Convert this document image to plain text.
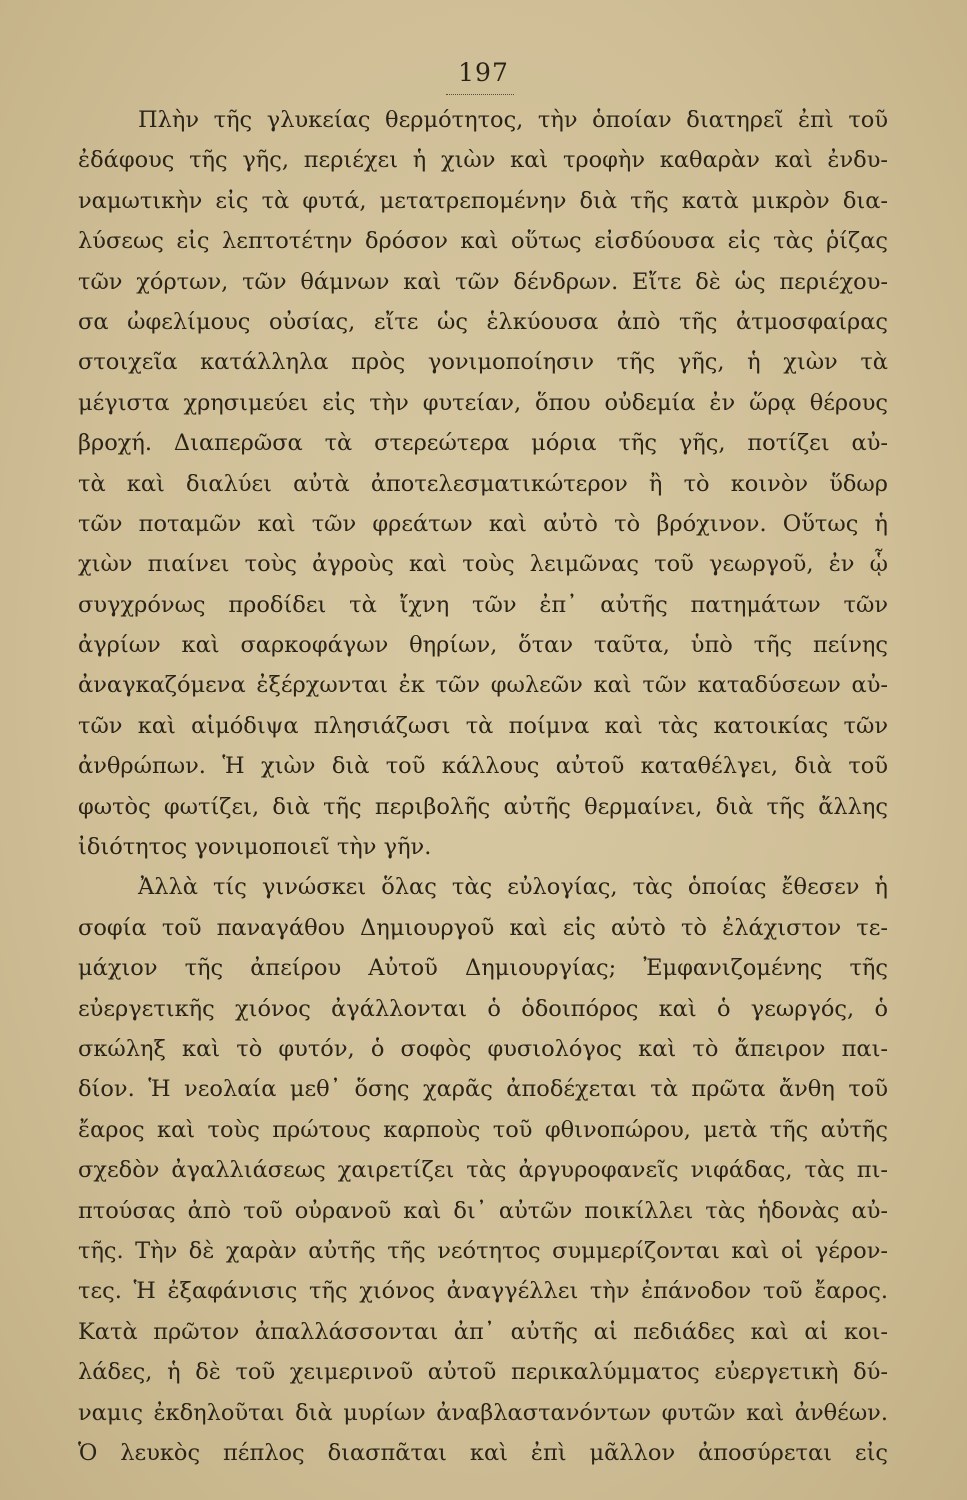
197
Πλὴν τῆς γλυκείας θερμότητος, τὴν ὁποίαν διατηρεῖ ἐπὶ τοῦ
ἐδάφους τῆς γῆς, περιέχει ἡ χιὼν καὶ τροφὴν καθαρὰν καὶ ἐνδυ-
ναμωτικὴν εἰς τὰ φυτά, μετατρεπομένην διὰ τῆς κατὰ μικρὸν δια-
λύσεως εἰς λεπτοτέτην δρόσον καὶ οὕτως εἰσδύουσα εἰς τὰς ῥίζας
τῶν χόρτων, τῶν θάμνων καὶ τῶν δένδρων. Εἴτε δὲ ὡς περιέχου-
σα ὠφελίμους οὐσίας, εἴτε ὡς ἑλκύουσα ἀπὸ τῆς ἀτμοσφαίρας
στοιχεῖα κατάλληλα πρὸς γονιμοποίησιν τῆς γῆς, ἡ χιὼν τὰ
μέγιστα χρησιμεύει εἰς τὴν φυτείαν, ὅπου οὐδεμία ἐν ὥρᾳ θέρους
βροχή. Διαπερῶσα τὰ στερεώτερα μόρια τῆς γῆς, ποτίζει αὐ-
τὰ καὶ διαλύει αὐτὰ ἀποτελεσματικώτερον ἢ τὸ κοινὸν ὕδωρ
τῶν ποταμῶν καὶ τῶν φρεάτων καὶ αὐτὸ τὸ βρόχινον. Οὕτως ἡ
χιὼν πιαίνει τοὺς ἀγροὺς καὶ τοὺς λειμῶνας τοῦ γεωργοῦ, ἐν ᾧ
συγχρόνως προδίδει τὰ ἴχνη τῶν ἐπ᾽ αὐτῆς πατημάτων τῶν
ἀγρίων καὶ σαρκοφάγων θηρίων, ὅταν ταῦτα, ὑπὸ τῆς πείνης
ἀναγκαζόμενα ἐξέρχωνται ἐκ τῶν φωλεῶν καὶ τῶν καταδύσεων αὐ-
τῶν καὶ αἱμόδιψα πλησιάζωσι τὰ ποίμνα καὶ τὰς κατοικίας τῶν
ἀνθρώπων. Ἡ χιὼν διὰ τοῦ κάλλους αὐτοῦ καταθέλγει, διὰ τοῦ
φωτὸς φωτίζει, διὰ τῆς περιβολῆς αὐτῆς θερμαίνει, διὰ τῆς ἄλλης
ἰδιότητος γονιμοποιεῖ τὴν γῆν.
Ἀλλὰ τίς γινώσκει ὅλας τὰς εὐλογίας, τὰς ὁποίας ἔθεσεν ἡ
σοφία τοῦ παναγάθου Δημιουργοῦ καὶ εἰς αὐτὸ τὸ ἐλάχιστον τε-
μάχιον τῆς ἀπείρου Αὐτοῦ Δημιουργίας; Ἐμφανιζομένης τῆς
εὐεργετικῆς χιόνος ἀγάλλονται ὁ ὁδοιπόρος καὶ ὁ γεωργός, ὁ
σκώληξ καὶ τὸ φυτόν, ὁ σοφὸς φυσιολόγος καὶ τὸ ἄπειρον παι-
δίον. Ἡ νεολαία μεθ᾽ ὅσης χαρᾶς ἀποδέχεται τὰ πρῶτα ἄνθη τοῦ
ἔαρος καὶ τοὺς πρώτους καρποὺς τοῦ φθινοπώρου, μετὰ τῆς αὐτῆς
σχεδὸν ἀγαλλιάσεως χαιρετίζει τὰς ἀργυροφανεῖς νιφάδας, τὰς πι-
πτούσας ἀπὸ τοῦ οὐρανοῦ καὶ δι᾽ αὐτῶν ποικίλλει τὰς ἡδονὰς αὐ-
τῆς. Τὴν δὲ χαρὰν αὐτῆς τῆς νεότητος συμμερίζονται καὶ οἱ γέρον-
τες. Ἡ ἐξαφάνισις τῆς χιόνος ἀναγγέλλει τὴν ἐπάνοδον τοῦ ἔαρος.
Κατὰ πρῶτον ἀπαλλάσσονται ἀπ᾽ αὐτῆς αἱ πεδιάδες καὶ αἱ κοι-
λάδες, ἡ δὲ τοῦ χειμερινοῦ αὐτοῦ περικαλύμματος εὐεργετικὴ δύ-
ναμις ἐκδηλοῦται διὰ μυρίων ἀναβλαστανόντων φυτῶν καὶ ἀνθέων.
Ὁ λευκὸς πέπλος διασπᾶται καὶ ἐπὶ μᾶλλον ἀποσύρεται εἰς
